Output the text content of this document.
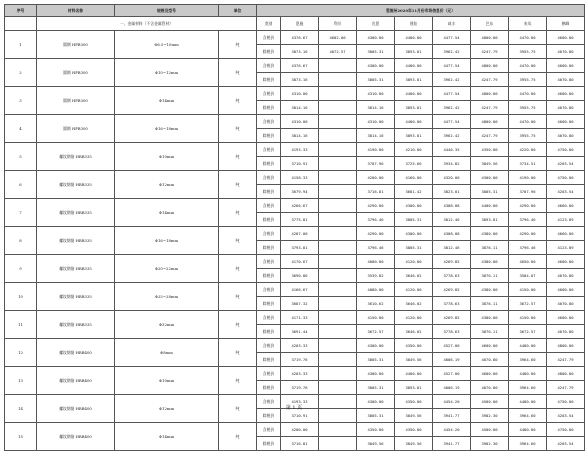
序号	材料名称	规格及型号	单位	恩施州2020年11月份市场信息价（元）								
	一、金属材料（不含金属管材）			类别	恩施	利川	宣恩	建始	咸丰	巴东	来凤	鹤峰
1	圆钢 HPB300	Φ6.5~10mm	吨	含税价	4376.67	4602.00	4300.00	4400.00	4477.54	4800.00	4470.00	4600.00
				除税价	3873.16	4072.57	3805.31	3893.81	3962.42	4247.79	3955.75	4070.80
2	圆钢 HPB300	Φ10~12mm	吨	含税价	4376.67		4300.00	4400.00	4477.54	4800.00	4470.00	4600.00
				除税价	3873.16		3805.31	3893.81	3962.42	4247.79	3955.75	4070.80
3	圆钢 HPB300	Φ14mm	吨	含税价	4310.00		4310.00	4400.00	4477.54	4800.00	4470.00	4600.00
				除税价	3814.16		3814.16	3893.81	3962.42	4247.79	3955.75	4070.80
4	圆钢 HPB300	Φ16~18mm	吨	含税价	4310.00		4310.00	4400.00	4477.54	4800.00	4470.00	4600.00
				除税价	3814.16		3814.16	3893.81	3962.42	4247.79	3955.75	4070.80
5	螺纹钢筋 HRB335	Φ10mm	吨	含税价	4193.33		4190.00	4210.00	4446.35	4350.00	4220.00	4750.00
				除税价	3710.91		3707.96	3725.66	3934.82	3849.56	3734.51	4203.54
6	螺纹钢筋 HRB335	Φ12mm	吨	含税价	4158.33		4200.00	4160.00	4320.00	4300.00	4190.00	4750.00
				除税价	3679.94		3716.81	3681.42	3823.01	3805.31	3707.96	4203.54
7	螺纹钢筋 HRB335	Φ14mm	吨	含税价	4266.67		4290.00	4300.00	4308.08	4400.00	4290.00	4660.00
				除税价	3775.81		3796.46	3805.31	3812.46	3893.81	3796.46	4123.89
8	螺纹钢筋 HRB335	Φ16~18mm	吨	含税价	4287.00		4290.00	4300.00	4308.08	4380.00	4290.00	4660.00
				除税价	3793.81		3796.46	3805.31	3812.46	3876.11	3796.46	4123.89
9	螺纹钢筋 HRB335	Φ20~22mm	吨	含税价	4170.67		4000.00	4120.00	4269.85	4380.00	4050.00	4600.00
				除税价	3690.86		3539.82	3646.02	3778.63	3876.11	3584.07	4070.80
10	螺纹钢筋 HRB335	Φ25~28mm	吨	含税价	4166.67		4080.00	4120.00	4269.85	4380.00	4150.00	4600.00
				除税价	3687.32		3610.62	3646.02	3778.63	3876.11	3672.57	4070.80
11	螺纹钢筋 HRB335	Φ32mm	吨	含税价	4171.33		4150.00	4120.00	4269.85	4380.00	4150.00	4600.00
				除税价	3691.44		3672.57	3646.02	3778.63	3876.11	3672.57	4070.80
12	螺纹钢筋 HRB400	Φ8mm	吨	含税价	4203.33		4300.00	4350.00	4527.00	4600.00	4480.00	4800.00
				除税价	3719.76		3805.31	3849.56	4006.19	4070.80	3964.60	4247.79
13	螺纹钢筋 HRB400	Φ10mm	吨	含税价	4203.33		4300.00	4400.00	4527.00	4600.00	4480.00	4800.00
				除税价	3719.76		3805.31	3893.81	4006.19	4070.80	3964.60	4247.79
14	螺纹钢筋 HRB400	Φ12mm	吨	含税价	4193.33		4300.00	4350.00	4454.20	4500.00	4480.00	4750.00
				除税价	3710.91		3805.31	3849.56	3941.77	3982.30	3964.60	4203.54
15	螺纹钢筋 HRB400	Φ14mm	吨	含税价	4200.00		4350.00	4350.00	4454.20	4500.00	4480.00	4750.00
				除税价	3716.81		3849.56	3849.56	3941.77	3982.30	3964.60	4203.54
第 1 页
